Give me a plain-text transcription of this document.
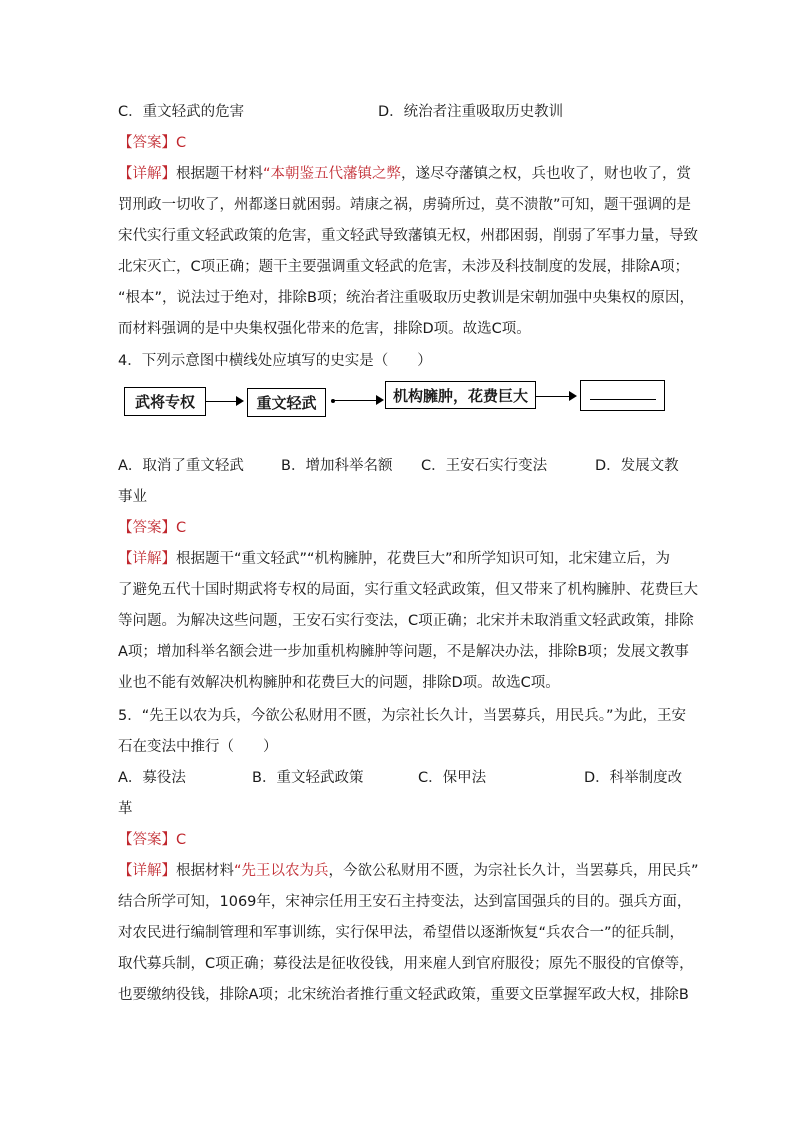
C．重文轻武的危害	D．统治者注重吸取历史教训
【答案】C
【详解】根据题干材料“本朝鉴五代藩镇之弊，遂尽夺藩镇之权，兵也收了，财也收了，赏
罚刑政一切收了，州都遂日就困弱。靖康之祸，虏骑所过，莫不溃散”可知，题干强调的是
宋代实行重文轻武政策的危害，重文轻武导致藩镇无权，州郡困弱，削弱了军事力量，导致
北宋灭亡，C项正确；题干主要强调重文轻武的危害，未涉及科技制度的发展，排除A项；
“根本”，说法过于绝对，排除B项；统治者注重吸取历史教训是宋朝加强中央集权的原因，
而材料强调的是中央集权强化带来的危害，排除D项。故选C项。
4．下列示意图中横线处应填写的史实是（　　）
武将专权	重文轻武	机构臃肿，花费巨大
A．取消了重文轻武	B．增加科举名额 C．王安石实行变法	D．发展文教
事业
【答案】C
【详解】根据题干“重文轻武”“机构臃肿，花费巨大”和所学知识可知，北宋建立后，为
了避免五代十国时期武将专权的局面，实行重文轻武政策，但又带来了机构臃肿、花费巨大
等问题。为解决这些问题，王安石实行变法，C项正确；北宋并未取消重文轻武政策，排除
A项；增加科举名额会进一步加重机构臃肿等问题，不是解决办法，排除B项；发展文教事
业也不能有效解决机构臃肿和花费巨大的问题，排除D项。故选C项。
5．“先王以农为兵，今欲公私财用不匮，为宗社长久计，当罢募兵，用民兵。”为此，王安
石在变法中推行（　　）
A．募役法	B．重文轻武政策	C．保甲法	D．科举制度改
革
【答案】C
【详解】根据材料“先王以农为兵，今欲公私财用不匮，为宗社长久计，当罢募兵，用民兵”
结合所学可知，1069年，宋神宗任用王安石主持变法，达到富国强兵的目的。强兵方面，
对农民进行编制管理和军事训练，实行保甲法，希望借以逐渐恢复“兵农合一”的征兵制，
取代募兵制，C项正确；募役法是征收役钱，用来雇人到官府服役；原先不服役的官僚等，
也要缴纳役钱，排除A项；北宋统治者推行重文轻武政策，重要文臣掌握军政大权，排除B
